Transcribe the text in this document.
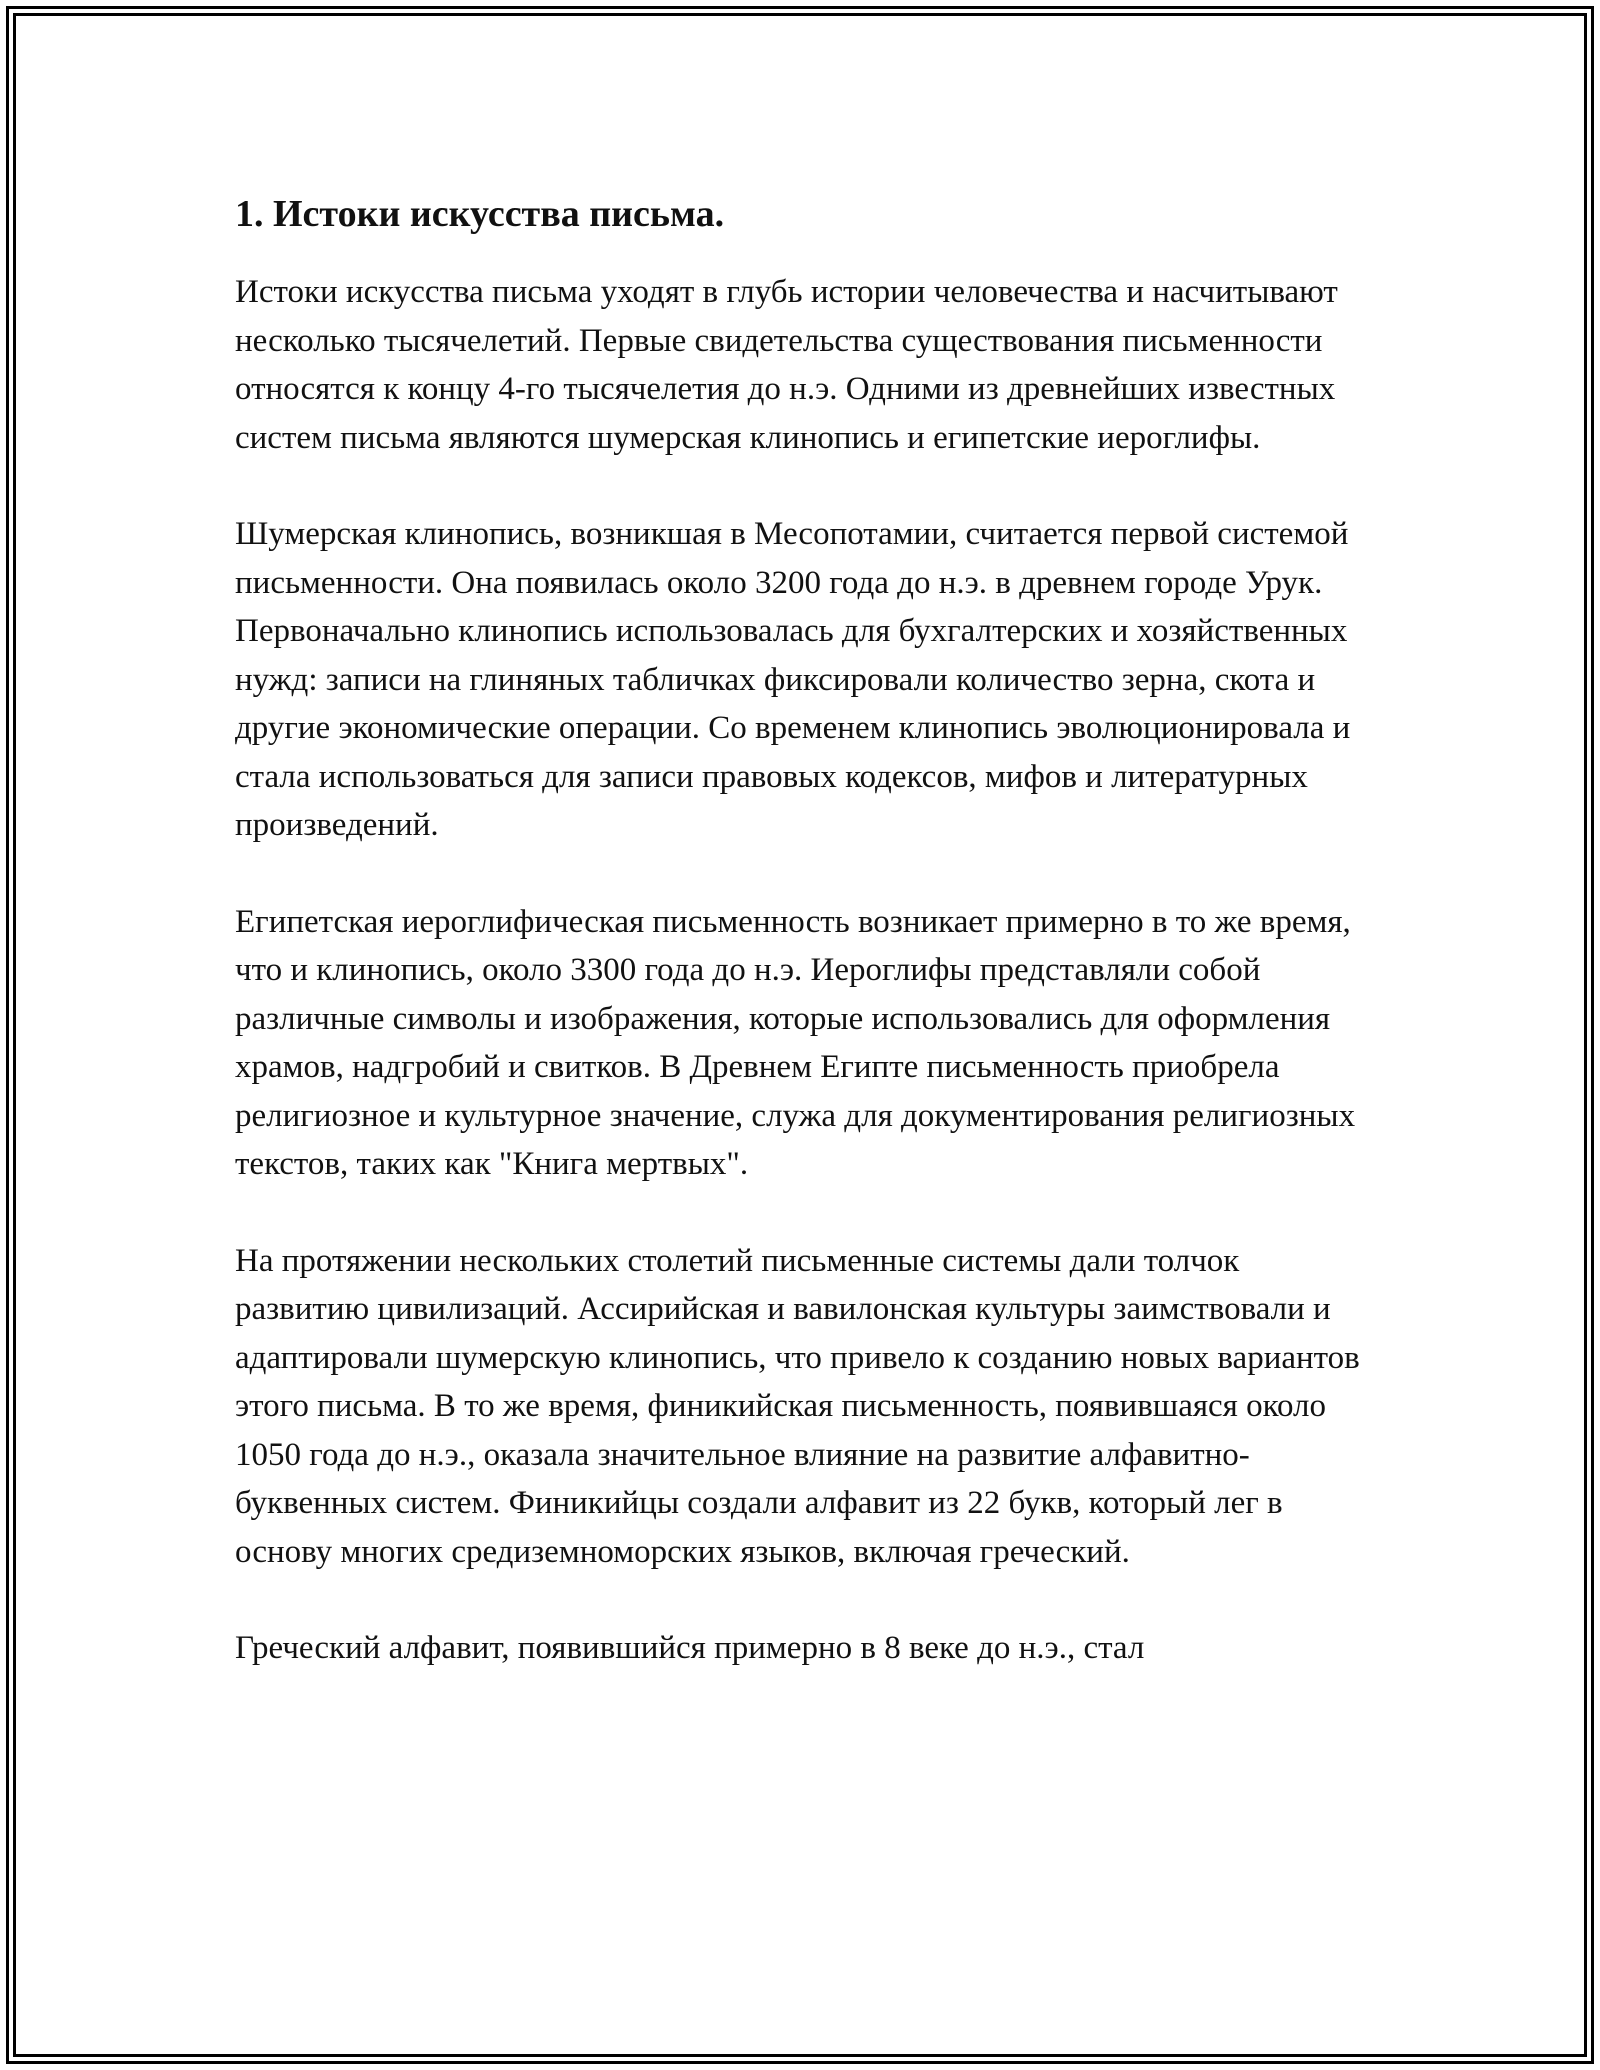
1. Истоки искусства письма.

Истоки искусства письма уходят в глубь истории человечества и насчитывают несколько тысячелетий. Первые свидетельства существования письменности относятся к концу 4-го тысячелетия до н.э. Одними из древнейших известных систем письма являются шумерская клинопись и египетские иероглифы.

Шумерская клинопись, возникшая в Месопотамии, считается первой системой письменности. Она появилась около 3200 года до н.э. в древнем городе Урук. Первоначально клинопись использовалась для бухгалтерских и хозяйственных нужд: записи на глиняных табличках фиксировали количество зерна, скота и другие экономические операции. Со временем клинопись эволюционировала и стала использоваться для записи правовых кодексов, мифов и литературных произведений.

Египетская иероглифическая письменность возникает примерно в то же время, что и клинопись, около 3300 года до н.э. Иероглифы представляли собой различные символы и изображения, которые использовались для оформления храмов, надгробий и свитков. В Древнем Египте письменность приобрела религиозное и культурное значение, служа для документирования религиозных текстов, таких как "Книга мертвых".

На протяжении нескольких столетий письменные системы дали толчок развитию цивилизаций. Ассирийская и вавилонская культуры заимствовали и адаптировали шумерскую клинопись, что привело к созданию новых вариантов этого письма. В то же время, финикийская письменность, появившаяся около 1050 года до н.э., оказала значительное влияние на развитие алфавитно-буквенных систем. Финикийцы создали алфавит из 22 букв, который лег в основу многих средиземноморских языков, включая греческий.

Греческий алфавит, появившийся примерно в 8 веке до н.э., стал
